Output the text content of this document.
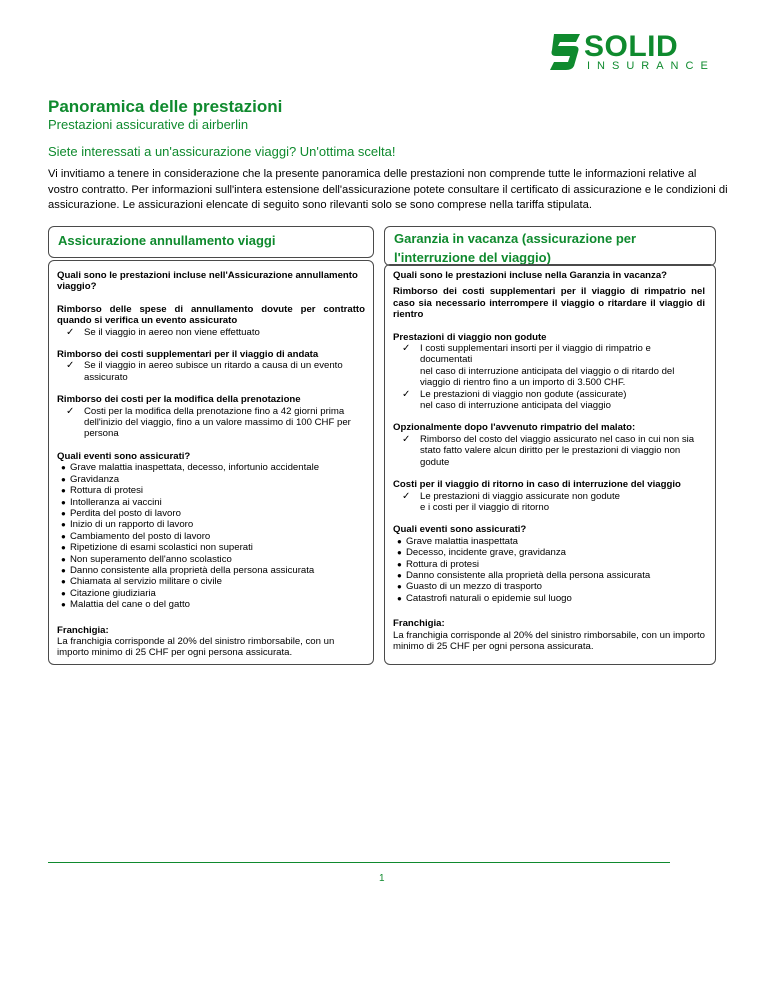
SOLID
INSURANCE
Panoramica delle prestazioni
Prestazioni assicurative di airberlin
Siete interessati a un'assicurazione viaggi? Un'ottima scelta!
Vi invitiamo a tenere in considerazione che la presente panoramica delle prestazioni non comprende tutte le informazioni relative al vostro contratto. Per informazioni sull'intera estensione dell'assicurazione potete consultare il certificato di assicurazione e le condizioni di assicurazione. Le assicurazioni elencate di seguito sono rilevanti solo se sono comprese nella tariffa stipulata.
Assicurazione annullamento viaggi
Quali sono le prestazioni incluse nell'Assicurazione annullamento viaggio?
Rimborso delle spese di annullamento dovute per contratto quando si verifica un evento assicurato
✓	Se il viaggio in aereo non viene effettuato
Rimborso dei costi supplementari per il viaggio di andata
✓	Se il viaggio in aereo subisce un ritardo a causa di un evento assicurato
Rimborso dei costi per la modifica della prenotazione
✓	Costi per la modifica della prenotazione fino a 42 giorni prima dell'inizio del viaggio, fino a un valore massimo di 100 CHF per persona
Quali eventi sono assicurati?
● Grave malattia inaspettata, decesso, infortunio accidentale
● Gravidanza
● Rottura di protesi
● Intolleranza ai vaccini
● Perdita del posto di lavoro
● Inizio di un rapporto di lavoro
● Cambiamento del posto di lavoro
● Ripetizione di esami scolastici non superati
● Non superamento dell'anno scolastico
● Danno consistente alla proprietà della persona assicurata
● Chiamata al servizio militare o civile
● Citazione giudiziaria
● Malattia del cane o del gatto
Franchigia:
La franchigia corrisponde al 20% del sinistro rimborsabile, con un importo minimo di 25 CHF per ogni persona assicurata.
Garanzia in vacanza (assicurazione per l'interruzione del viaggio)
Quali sono le prestazioni incluse nella Garanzia in vacanza?
Rimborso dei costi supplementari per il viaggio di rimpatrio nel caso sia necessario interrompere il viaggio o ritardare il viaggio di rientro
Prestazioni di viaggio non godute
✓	I costi supplementari insorti per il viaggio di rimpatrio e documentati
nel caso di interruzione anticipata del viaggio o di ritardo del viaggio di rientro fino a un importo di 3.500 CHF.
✓	Le prestazioni di viaggio non godute (assicurate)
nel caso di interruzione anticipata del viaggio
Opzionalmente dopo l'avvenuto rimpatrio del malato:
✓	Rimborso del costo del viaggio assicurato nel caso in cui non sia stato fatto valere alcun diritto per le prestazioni di viaggio non godute
Costi per il viaggio di ritorno in caso di interruzione del viaggio
✓	Le prestazioni di viaggio assicurate non godute
e i costi per il viaggio di ritorno
Quali eventi sono assicurati?
● Grave malattia inaspettata
● Decesso, incidente grave, gravidanza
● Rottura di protesi
● Danno consistente alla proprietà della persona assicurata
● Guasto di un mezzo di trasporto
● Catastrofi naturali o epidemie sul luogo
Franchigia:
La franchigia corrisponde al 20% del sinistro rimborsabile, con un importo minimo di 25 CHF per ogni persona assicurata.
1
